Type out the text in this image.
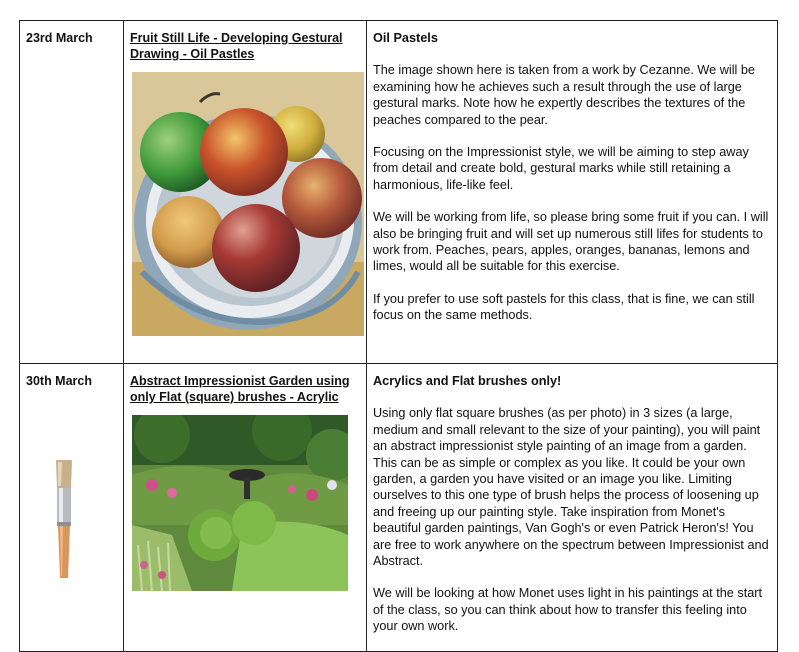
23rd March	Fruit Still Life - Developing Gestural Drawing - Oil Pastles	Oil Pastels

The image shown here is taken from a work by Cezanne. We will be examining how he achieves such a result through the use of large gestural marks. Note how he expertly describes the textures of the peaches compared to the pear.

Focusing on the Impressionist style, we will be aiming to step away from detail and create bold, gestural marks while still retaining a harmonious, life-like feel.

We will be working from life, so please bring some fruit if you can. I will also be bringing fruit and will set up numerous still lifes for students to work from. Peaches, pears, apples, oranges, bananas, lemons and limes, would all be suitable for this exercise.

If you prefer to use soft pastels for this class, that is fine, we can still focus on the same methods.

30th March	Abstract Impressionist Garden using only Flat (square) brushes - Acrylic	Acrylics and Flat brushes only!

Using only flat square brushes (as per photo) in 3 sizes (a large, medium and small relevant to the size of your painting), you will paint an abstract impressionist style painting of an image from a garden. This can be as simple or complex as you like. It could be your own garden, a garden you have visited or an image you like. Limiting ourselves to this one type of brush helps the process of loosening up and freeing up our painting style. Take inspiration from Monet's beautiful garden paintings, Van Gogh's or even Patrick Heron's! You are free to work anywhere on the spectrum between Impressionist and Abstract.

We will be looking at how Monet uses light in his paintings at the start of the class, so you can think about how to transfer this feeling into your own work.
